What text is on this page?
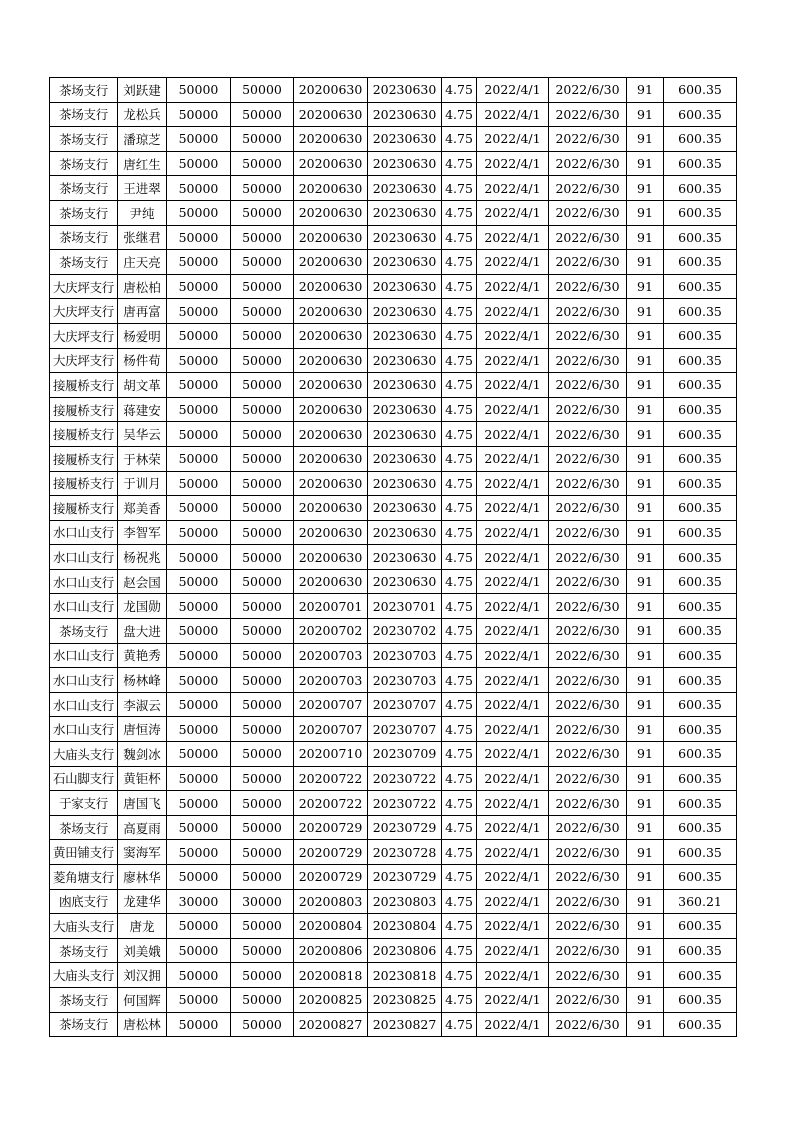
茶场支行	刘跃建	50000	50000	20200630	20230630	4.75	2022/4/1	2022/6/30	91	600.35
茶场支行	龙松兵	50000	50000	20200630	20230630	4.75	2022/4/1	2022/6/30	91	600.35
茶场支行	潘琼芝	50000	50000	20200630	20230630	4.75	2022/4/1	2022/6/30	91	600.35
茶场支行	唐红生	50000	50000	20200630	20230630	4.75	2022/4/1	2022/6/30	91	600.35
茶场支行	王进翠	50000	50000	20200630	20230630	4.75	2022/4/1	2022/6/30	91	600.35
茶场支行	尹纯	50000	50000	20200630	20230630	4.75	2022/4/1	2022/6/30	91	600.35
茶场支行	张继君	50000	50000	20200630	20230630	4.75	2022/4/1	2022/6/30	91	600.35
茶场支行	庄天亮	50000	50000	20200630	20230630	4.75	2022/4/1	2022/6/30	91	600.35
大庆坪支行	唐松柏	50000	50000	20200630	20230630	4.75	2022/4/1	2022/6/30	91	600.35
大庆坪支行	唐再富	50000	50000	20200630	20230630	4.75	2022/4/1	2022/6/30	91	600.35
大庆坪支行	杨爱明	50000	50000	20200630	20230630	4.75	2022/4/1	2022/6/30	91	600.35
大庆坪支行	杨件荀	50000	50000	20200630	20230630	4.75	2022/4/1	2022/6/30	91	600.35
接履桥支行	胡文革	50000	50000	20200630	20230630	4.75	2022/4/1	2022/6/30	91	600.35
接履桥支行	蒋建安	50000	50000	20200630	20230630	4.75	2022/4/1	2022/6/30	91	600.35
接履桥支行	吴华云	50000	50000	20200630	20230630	4.75	2022/4/1	2022/6/30	91	600.35
接履桥支行	于林荣	50000	50000	20200630	20230630	4.75	2022/4/1	2022/6/30	91	600.35
接履桥支行	于训月	50000	50000	20200630	20230630	4.75	2022/4/1	2022/6/30	91	600.35
接履桥支行	郑美香	50000	50000	20200630	20230630	4.75	2022/4/1	2022/6/30	91	600.35
水口山支行	李智军	50000	50000	20200630	20230630	4.75	2022/4/1	2022/6/30	91	600.35
水口山支行	杨祝兆	50000	50000	20200630	20230630	4.75	2022/4/1	2022/6/30	91	600.35
水口山支行	赵会国	50000	50000	20200630	20230630	4.75	2022/4/1	2022/6/30	91	600.35
水口山支行	龙国勋	50000	50000	20200701	20230701	4.75	2022/4/1	2022/6/30	91	600.35
茶场支行	盘大进	50000	50000	20200702	20230702	4.75	2022/4/1	2022/6/30	91	600.35
水口山支行	黄艳秀	50000	50000	20200703	20230703	4.75	2022/4/1	2022/6/30	91	600.35
水口山支行	杨林峰	50000	50000	20200703	20230703	4.75	2022/4/1	2022/6/30	91	600.35
水口山支行	李淑云	50000	50000	20200707	20230707	4.75	2022/4/1	2022/6/30	91	600.35
水口山支行	唐恒涛	50000	50000	20200707	20230707	4.75	2022/4/1	2022/6/30	91	600.35
大庙头支行	魏剑冰	50000	50000	20200710	20230709	4.75	2022/4/1	2022/6/30	91	600.35
石山脚支行	黄钜杯	50000	50000	20200722	20230722	4.75	2022/4/1	2022/6/30	91	600.35
于家支行	唐国飞	50000	50000	20200722	20230722	4.75	2022/4/1	2022/6/30	91	600.35
茶场支行	高夏雨	50000	50000	20200729	20230729	4.75	2022/4/1	2022/6/30	91	600.35
黄田铺支行	窦海军	50000	50000	20200729	20230728	4.75	2022/4/1	2022/6/30	91	600.35
菱角塘支行	廖林华	50000	50000	20200729	20230729	4.75	2022/4/1	2022/6/30	91	600.35
凼底支行	龙建华	30000	30000	20200803	20230803	4.75	2022/4/1	2022/6/30	91	360.21
大庙头支行	唐龙	50000	50000	20200804	20230804	4.75	2022/4/1	2022/6/30	91	600.35
茶场支行	刘美娥	50000	50000	20200806	20230806	4.75	2022/4/1	2022/6/30	91	600.35
大庙头支行	刘汉拥	50000	50000	20200818	20230818	4.75	2022/4/1	2022/6/30	91	600.35
茶场支行	何国辉	50000	50000	20200825	20230825	4.75	2022/4/1	2022/6/30	91	600.35
茶场支行	唐松林	50000	50000	20200827	20230827	4.75	2022/4/1	2022/6/30	91	600.35
